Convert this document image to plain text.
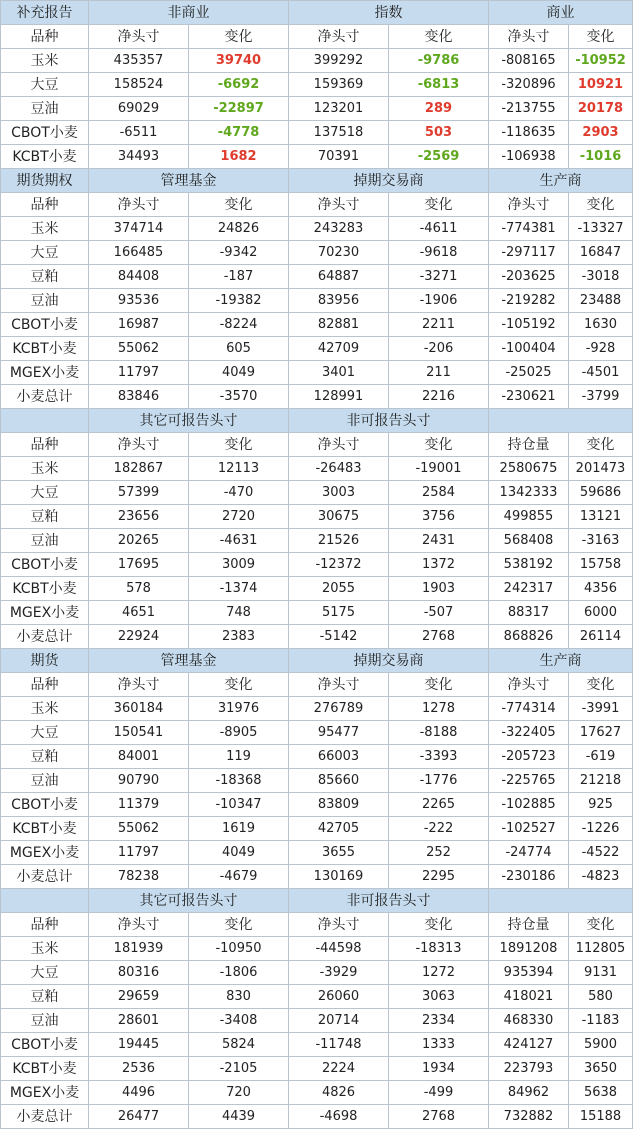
补充报告	非商业		指数		商业	
品种	净头寸	变化	净头寸	变化	净头寸	变化
玉米	435357	39740	399292	-9786	-808165	-10952
大豆	158524	-6692	159369	-6813	-320896	10921
豆油	69029	-22897	123201	289	-213755	20178
CBOT小麦	-6511	-4778	137518	503	-118635	2903
KCBT小麦	34493	1682	70391	-2569	-106938	-1016
期货期权	管理基金		掉期交易商		生产商	
品种	净头寸	变化	净头寸	变化	净头寸	变化
玉米	374714	24826	243283	-4611	-774381	-13327
大豆	166485	-9342	70230	-9618	-297117	16847
豆粕	84408	-187	64887	-3271	-203625	-3018
豆油	93536	-19382	83956	-1906	-219282	23488
CBOT小麦	16987	-8224	82881	2211	-105192	1630
KCBT小麦	55062	605	42709	-206	-100404	-928
MGEX小麦	11797	4049	3401	211	-25025	-4501
小麦总计	83846	-3570	128991	2216	-230621	-3799
	其它可报告头寸		非可报告头寸			
品种	净头寸	变化	净头寸	变化	持仓量	变化
玉米	182867	12113	-26483	-19001	2580675	201473
大豆	57399	-470	3003	2584	1342333	59686
豆粕	23656	2720	30675	3756	499855	13121
豆油	20265	-4631	21526	2431	568408	-3163
CBOT小麦	17695	3009	-12372	1372	538192	15758
KCBT小麦	578	-1374	2055	1903	242317	4356
MGEX小麦	4651	748	5175	-507	88317	6000
小麦总计	22924	2383	-5142	2768	868826	26114
期货	管理基金		掉期交易商		生产商	
品种	净头寸	变化	净头寸	变化	净头寸	变化
玉米	360184	31976	276789	1278	-774314	-3991
大豆	150541	-8905	95477	-8188	-322405	17627
豆粕	84001	119	66003	-3393	-205723	-619
豆油	90790	-18368	85660	-1776	-225765	21218
CBOT小麦	11379	-10347	83809	2265	-102885	925
KCBT小麦	55062	1619	42705	-222	-102527	-1226
MGEX小麦	11797	4049	3655	252	-24774	-4522
小麦总计	78238	-4679	130169	2295	-230186	-4823
	其它可报告头寸		非可报告头寸			
品种	净头寸	变化	净头寸	变化	持仓量	变化
玉米	181939	-10950	-44598	-18313	1891208	112805
大豆	80316	-1806	-3929	1272	935394	9131
豆粕	29659	830	26060	3063	418021	580
豆油	28601	-3408	20714	2334	468330	-1183
CBOT小麦	19445	5824	-11748	1333	424127	5900
KCBT小麦	2536	-2105	2224	1934	223793	3650
MGEX小麦	4496	720	4826	-499	84962	5638
小麦总计	26477	4439	-4698	2768	732882	15188
